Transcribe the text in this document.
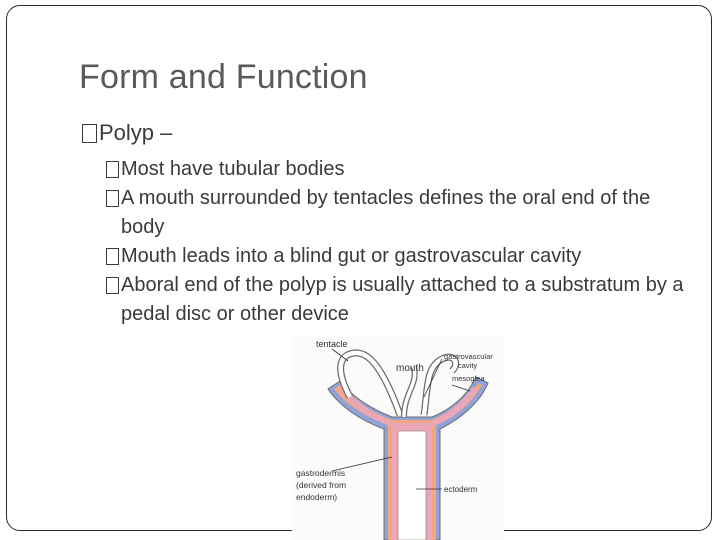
Form and Function
Polyp –
Most have tubular bodies
A mouth surrounded by tentacles defines the oral end of the body
Mouth leads into a blind gut or gastrovascular cavity
Aboral end of the polyp is usually attached to a substratum by a pedal disc or other device
tentacle
mouth
gastrovascular
cavity
mesoglea
gastrodermis
(derived from
endoderm)
ectoderm
